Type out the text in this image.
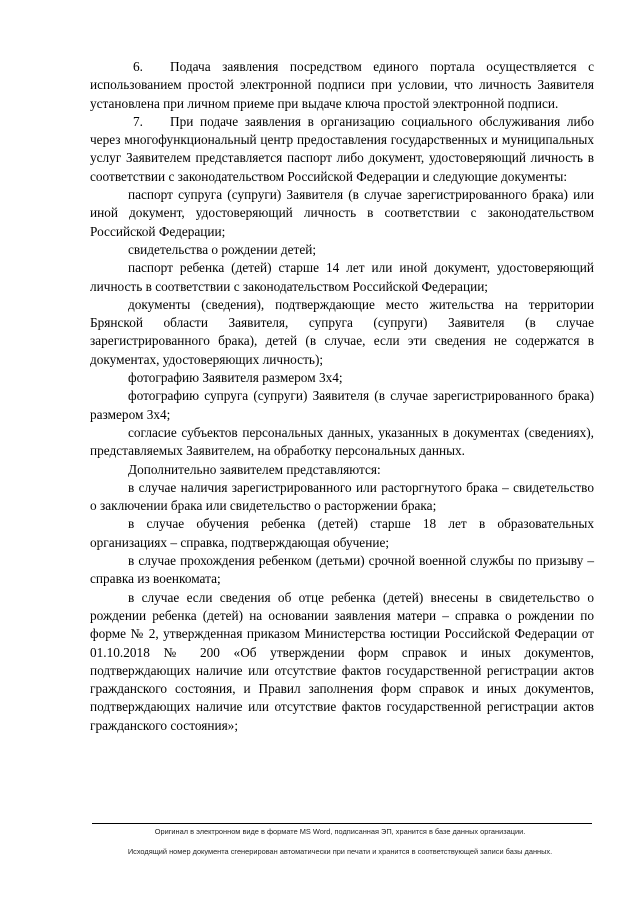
6. Подача заявления посредством единого портала осуществляется с использованием простой электронной подписи при условии, что личность Заявителя установлена при личном приеме при выдаче ключа простой электронной подписи.

7. При подаче заявления в организацию социального обслуживания либо через многофункциональный центр предоставления государственных и муниципальных услуг Заявителем представляется паспорт либо документ, удостоверяющий личность в соответствии с законодательством Российской Федерации и следующие документы:

паспорт супруга (супруги) Заявителя (в случае зарегистрированного брака) или иной документ, удостоверяющий личность в соответствии с законодательством Российской Федерации;

свидетельства о рождении детей;

паспорт ребенка (детей) старше 14 лет или иной документ, удостоверяющий личность в соответствии с законодательством Российской Федерации;

документы (сведения), подтверждающие место жительства на территории Брянской области Заявителя, супруга (супруги) Заявителя (в случае зарегистрированного брака), детей (в случае, если эти сведения не содержатся в документах, удостоверяющих личность);

фотографию Заявителя размером 3х4;

фотографию супруга (супруги) Заявителя (в случае зарегистрированного брака) размером 3х4;

согласие субъектов персональных данных, указанных в документах (сведениях), представляемых Заявителем, на обработку персональных данных.

Дополнительно заявителем представляются:

в случае наличия зарегистрированного или расторгнутого брака – свидетельство о заключении брака или свидетельство о расторжении брака;

в случае обучения ребенка (детей) старше 18 лет в образовательных организациях – справка, подтверждающая обучение;

в случае прохождения ребенком (детьми) срочной военной службы по призыву – справка из военкомата;

в случае если сведения об отце ребенка (детей) внесены в свидетельство о рождении ребенка (детей) на основании заявления матери – справка о рождении по форме № 2, утвержденная приказом Министерства юстиции Российской Федерации от 01.10.2018 № 200 «Об утверждении форм справок и иных документов, подтверждающих наличие или отсутствие фактов государственной регистрации актов гражданского состояния, и Правил заполнения форм справок и иных документов, подтверждающих наличие или отсутствие фактов государственной регистрации актов гражданского состояния»;

Оригинал в электронном виде в формате MS Word, подписанная ЭП, хранится в базе данных организации.
Исходящий номер документа сгенерирован автоматически при печати и хранится в соответствующей записи базы данных.
